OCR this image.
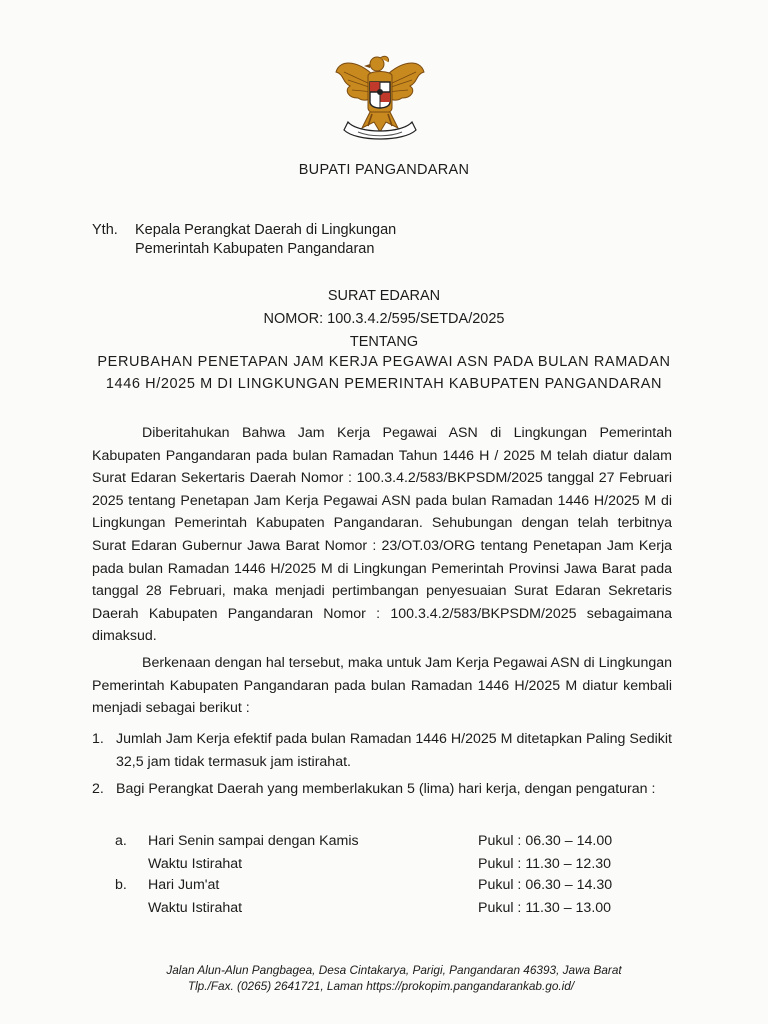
BUPATI PANGANDARAN
Yth. Kepala Perangkat Daerah di Lingkungan
Pemerintah Kabupaten Pangandaran
SURAT EDARAN
NOMOR: 100.3.4.2/595/SETDA/2025
TENTANG
PERUBAHAN PENETAPAN JAM KERJA PEGAWAI ASN PADA BULAN RAMADAN
1446 H/2025 M DI LINGKUNGAN PEMERINTAH KABUPATEN PANGANDARAN
Diberitahukan Bahwa Jam Kerja Pegawai ASN di Lingkungan Pemerintah Kabupaten Pangandaran pada bulan Ramadan Tahun 1446 H / 2025 M telah diatur dalam Surat Edaran Sekertaris Daerah Nomor : 100.3.4.2/583/BKPSDM/2025 tanggal 27 Februari 2025 tentang Penetapan Jam Kerja Pegawai ASN pada bulan Ramadan 1446 H/2025 M di Lingkungan Pemerintah Kabupaten Pangandaran. Sehubungan dengan telah terbitnya Surat Edaran Gubernur Jawa Barat Nomor : 23/OT.03/ORG tentang Penetapan Jam Kerja pada bulan Ramadan 1446 H/2025 M di Lingkungan Pemerintah Provinsi Jawa Barat pada tanggal 28 Februari, maka menjadi pertimbangan penyesuaian Surat Edaran Sekretaris Daerah Kabupaten Pangandaran Nomor : 100.3.4.2/583/BKPSDM/2025 sebagaimana dimaksud.
Berkenaan dengan hal tersebut, maka untuk Jam Kerja Pegawai ASN di Lingkungan Pemerintah Kabupaten Pangandaran pada bulan Ramadan 1446 H/2025 M diatur kembali menjadi sebagai berikut :
1. Jumlah Jam Kerja efektif pada bulan Ramadan 1446 H/2025 M ditetapkan Paling Sedikit 32,5 jam tidak termasuk jam istirahat.
2. Bagi Perangkat Daerah yang memberlakukan 5 (lima) hari kerja, dengan pengaturan :
a. Hari Senin sampai dengan Kamis	Pukul : 06.30 – 14.00
Waktu Istirahat	Pukul : 11.30 – 12.30
b. Hari Jum'at	Pukul : 06.30 – 14.30
Waktu Istirahat	Pukul : 11.30 – 13.00
Jalan Alun-Alun Pangbagea, Desa Cintakarya, Parigi, Pangandaran 46393, Jawa Barat
Tlp./Fax. (0265) 2641721, Laman https://prokopim.pangandarankab.go.id/
